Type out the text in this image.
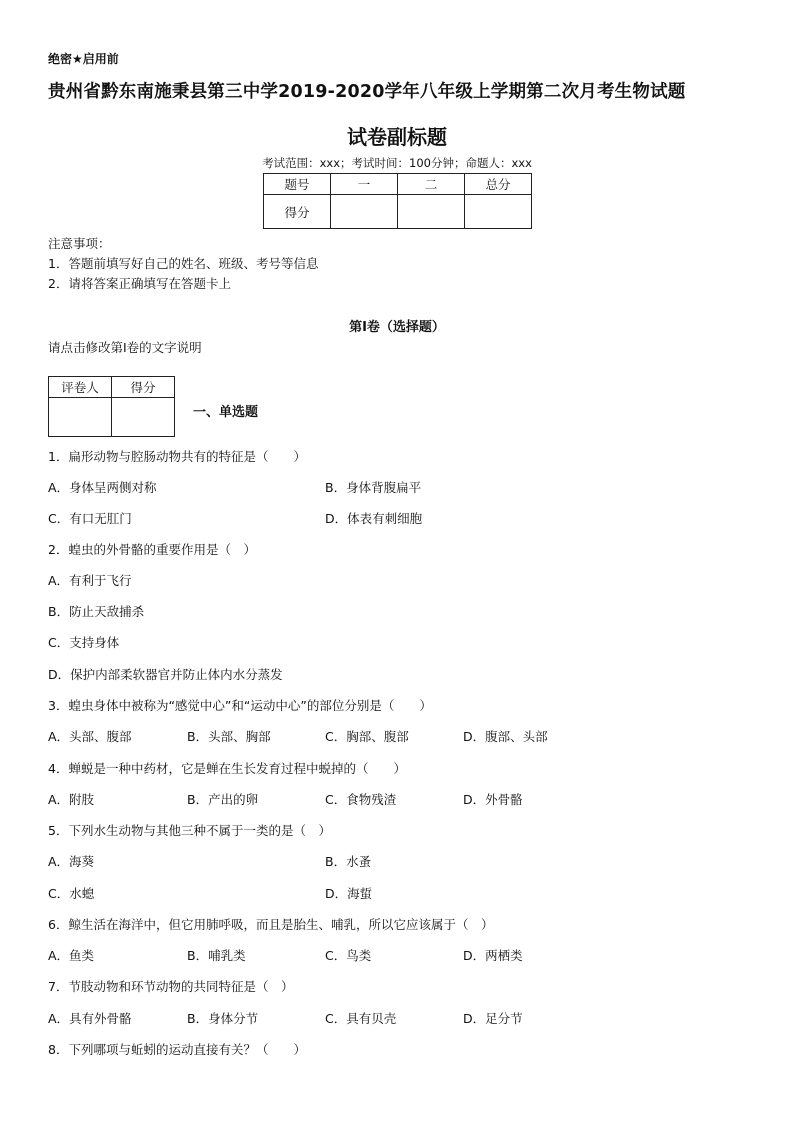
绝密★启用前
贵州省黔东南施秉县第三中学2019-2020学年八年级上学期第二次月考生物试题
试卷副标题
考试范围：xxx；考试时间：100分钟；命题人：xxx
题号	一	二	总分
得分			
注意事项：
1．答题前填写好自己的姓名、班级、考号等信息
2．请将答案正确填写在答题卡上
第I卷（选择题）
请点击修改第I卷的文字说明
评卷人	得分

一、单选题
1．扁形动物与腔肠动物共有的特征是（　　）
A．身体呈两侧对称	B．身体背腹扁平
C．有口无肛门	D．体表有刺细胞
2．蝗虫的外骨骼的重要作用是（　）
A．有利于飞行
B．防止天敌捕杀
C．支持身体
D．保护内部柔软器官并防止体内水分蒸发
3．蝗虫身体中被称为“感觉中心”和“运动中心”的部位分别是（　　）
A．头部、腹部	B．头部、胸部	C．胸部、腹部	D．腹部、头部
4．蝉蜕是一种中药材，它是蝉在生长发育过程中蜕掉的（　　）
A．附肢	B．产出的卵	C．食物残渣	D．外骨骼
5．下列水生动物与其他三种不属于一类的是（　）
A．海葵	B．水蚤
C．水螅	D．海蜇
6．鲸生活在海洋中，但它用肺呼吸，而且是胎生、哺乳，所以它应该属于（　）
A．鱼类	B．哺乳类	C．鸟类	D．两栖类
7．节肢动物和环节动物的共同特征是（　）
A．具有外骨骼	B．身体分节	C．具有贝壳	D．足分节
8．下列哪项与蚯蚓的运动直接有关？（　　）
